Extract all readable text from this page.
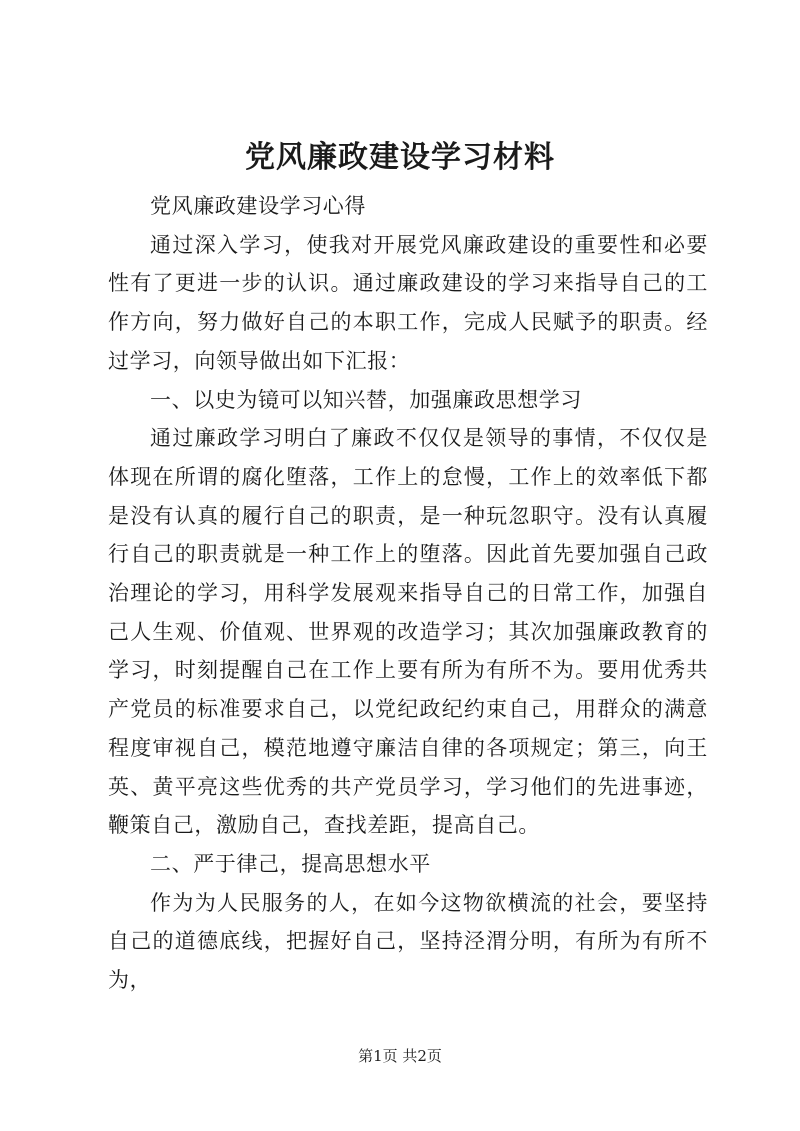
党风廉政建设学习材料

党风廉政建设学习心得

通过深入学习，使我对开展党风廉政建设的重要性和必要性有了更进一步的认识。通过廉政建设的学习来指导自己的工作方向，努力做好自己的本职工作，完成人民赋予的职责。经过学习，向领导做出如下汇报：

一、以史为镜可以知兴替，加强廉政思想学习

通过廉政学习明白了廉政不仅仅是领导的事情，不仅仅是体现在所谓的腐化堕落，工作上的怠慢，工作上的效率低下都是没有认真的履行自己的职责，是一种玩忽职守。没有认真履行自己的职责就是一种工作上的堕落。因此首先要加强自己政治理论的学习，用科学发展观来指导自己的日常工作，加强自己人生观、价值观、世界观的改造学习；其次加强廉政教育的学习，时刻提醒自己在工作上要有所为有所不为。要用优秀共产党员的标准要求自己，以党纪政纪约束自己，用群众的满意程度审视自己，模范地遵守廉洁自律的各项规定；第三，向王英、黄平亮这些优秀的共产党员学习，学习他们的先进事迹，鞭策自己，激励自己，查找差距，提高自己。

二、严于律己，提高思想水平

作为为人民服务的人，在如今这物欲横流的社会，要坚持自己的道德底线，把握好自己，坚持泾渭分明，有所为有所不为，

第1页 共2页
